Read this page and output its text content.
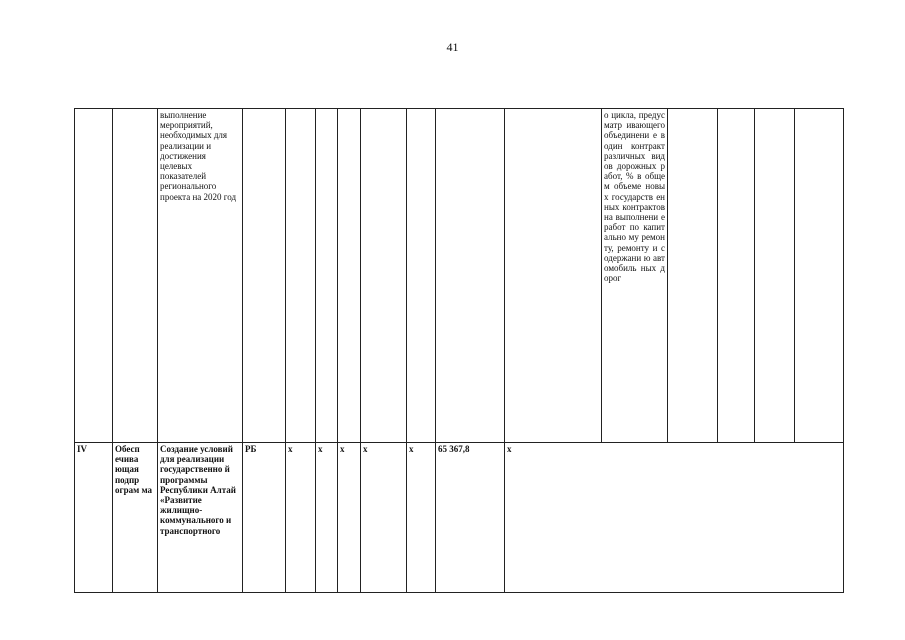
41
		выполнение мероприятий, необходимых для реализации и достижения целевых показателей регионального проекта на 2020 год									о цикла, предусматр ивающего объединени е в один контракт различных видов дорожных работ, % в общем объеме новых государств енных контрактов на выполнени е работ по капитально му ремонту, ремонту и содержани ю автомобиль ных дорог				
IV	Обесп ечива ющая подпр ограм ма	Создание условий для реализации государственно й программы Республики Алтай «Развитие жилищно- коммунального и транспортного	РБ	х	х	х	х	х	65 367,8	х					
